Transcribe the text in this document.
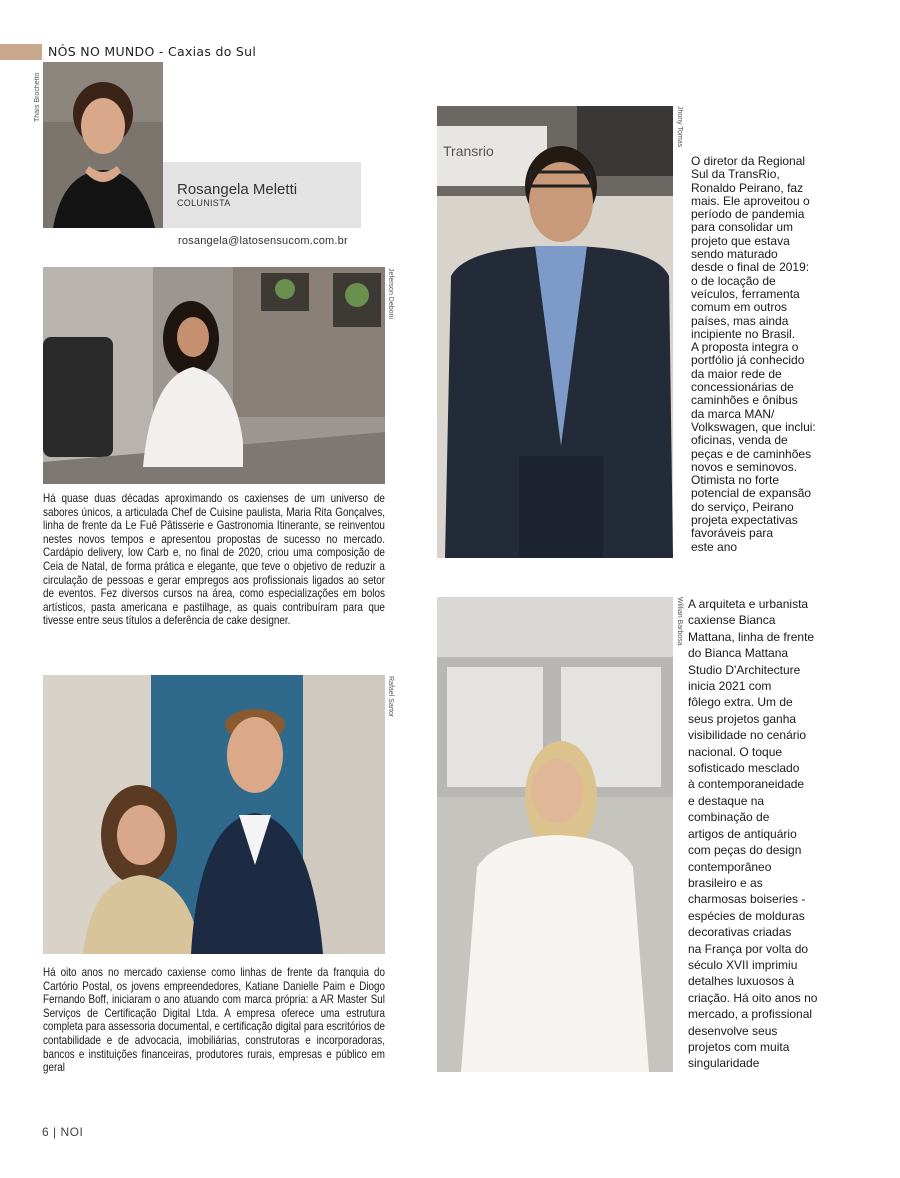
NÓS NO MUNDO - Caxias do Sul
Thaís Brochetto
Rosangela Meletti
COLUNISTA
rosangela@latosensucom.com.br
Jeferson Deboni
Há quase duas décadas aproximando os caxienses de um universo de sabores únicos, a articulada Chef de Cuisine paulista, Maria Rita Gonçalves, linha de frente da Le Fuê Pâtisserie e Gastronomia Itinerante, se reinventou nestes novos tempos e apresentou propostas de sucesso no mercado. Cardápio delivery, low Carb e, no final de 2020, criou uma composição de Ceia de Natal, de forma prática e elegante, que teve o objetivo de reduzir a circulação de pessoas e gerar empregos aos profissionais ligados ao setor de eventos. Fez diversos cursos na área, como especializações em bolos artísticos, pasta americana e pastilhage, as quais contribuíram para que tivesse entre seus títulos a deferência de cake designer.
Rafael Sartor
Há oito anos no mercado caxiense como linhas de frente da franquia do Cartório Postal, os jovens empreendedores, Katiane Danielle Paim e Diogo Fernando Boff, iniciaram o ano atuando com marca própria: a AR Master Sul Serviços de Certificação Digital Ltda. A empresa oferece uma estrutura completa para assessoria documental, e certificação digital para escritórios de contabilidade e de advocacia, imobiliárias, construtoras e incorporadoras, bancos e instituições financeiras, produtores rurais, empresas e público em geral
Transrio
Jhony Tomas
O diretor da Regional
Sul da TransRio,
Ronaldo Peirano, faz
mais. Ele aproveitou o
período de pandemia
para consolidar um
projeto que estava
sendo maturado
desde o final de 2019:
o de locação de
veículos, ferramenta
comum em outros
países, mas ainda
incipiente no Brasil.
A proposta integra o
portfólio já conhecido
da maior rede de
concessionárias de
caminhões e ônibus
da marca MAN/
Volkswagen, que inclui:
oficinas, venda de
peças e de caminhões
novos e seminovos.
Otimista no forte
potencial de expansão
do serviço, Peirano
projeta expectativas
favoráveis para
este ano
Willian Barbosa A arquiteta e urbanista
caxiense Bianca
Mattana, linha de frente
do Bianca Mattana
Studio D'Architecture
inicia 2021 com
fôlego extra. Um de
seus projetos ganha
visibilidade no cenário
nacional. O toque
sofisticado mesclado
à contemporaneidade
e destaque na
combinação de
artigos de antiquário
com peças do design
contemporâneo
brasileiro e as
charmosas boiseries -
espécies de molduras
decorativas criadas
na França por volta do
século XVII imprimiu
detalhes luxuosos à
criação. Há oito anos no
mercado, a profissional
desenvolve seus
projetos com muita
singularidade
6 | NOI
